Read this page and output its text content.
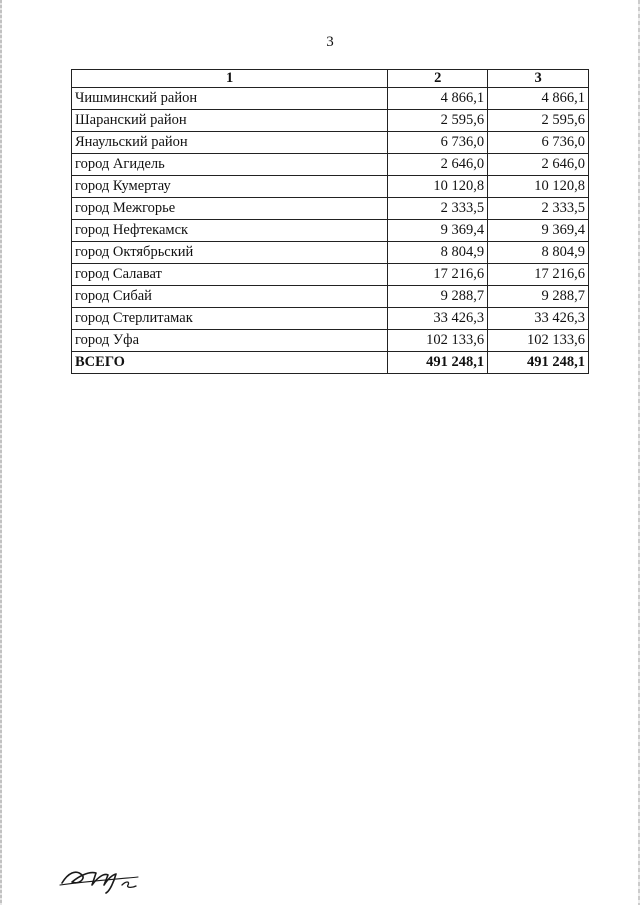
3
1	2	3
Чишминский район	4 866,1	4 866,1
Шаранский район	2 595,6	2 595,6
Янаульский район	6 736,0	6 736,0
город Агидель	2 646,0	2 646,0
город Кумертау	10 120,8	10 120,8
город Межгорье	2 333,5	2 333,5
город Нефтекамск	9 369,4	9 369,4
город Октябрьский	8 804,9	8 804,9
город Салават	17 216,6	17 216,6
город Сибай	9 288,7	9 288,7
город Стерлитамак	33 426,3	33 426,3
город Уфа	102 133,6	102 133,6
ВСЕГО	491 248,1	491 248,1
